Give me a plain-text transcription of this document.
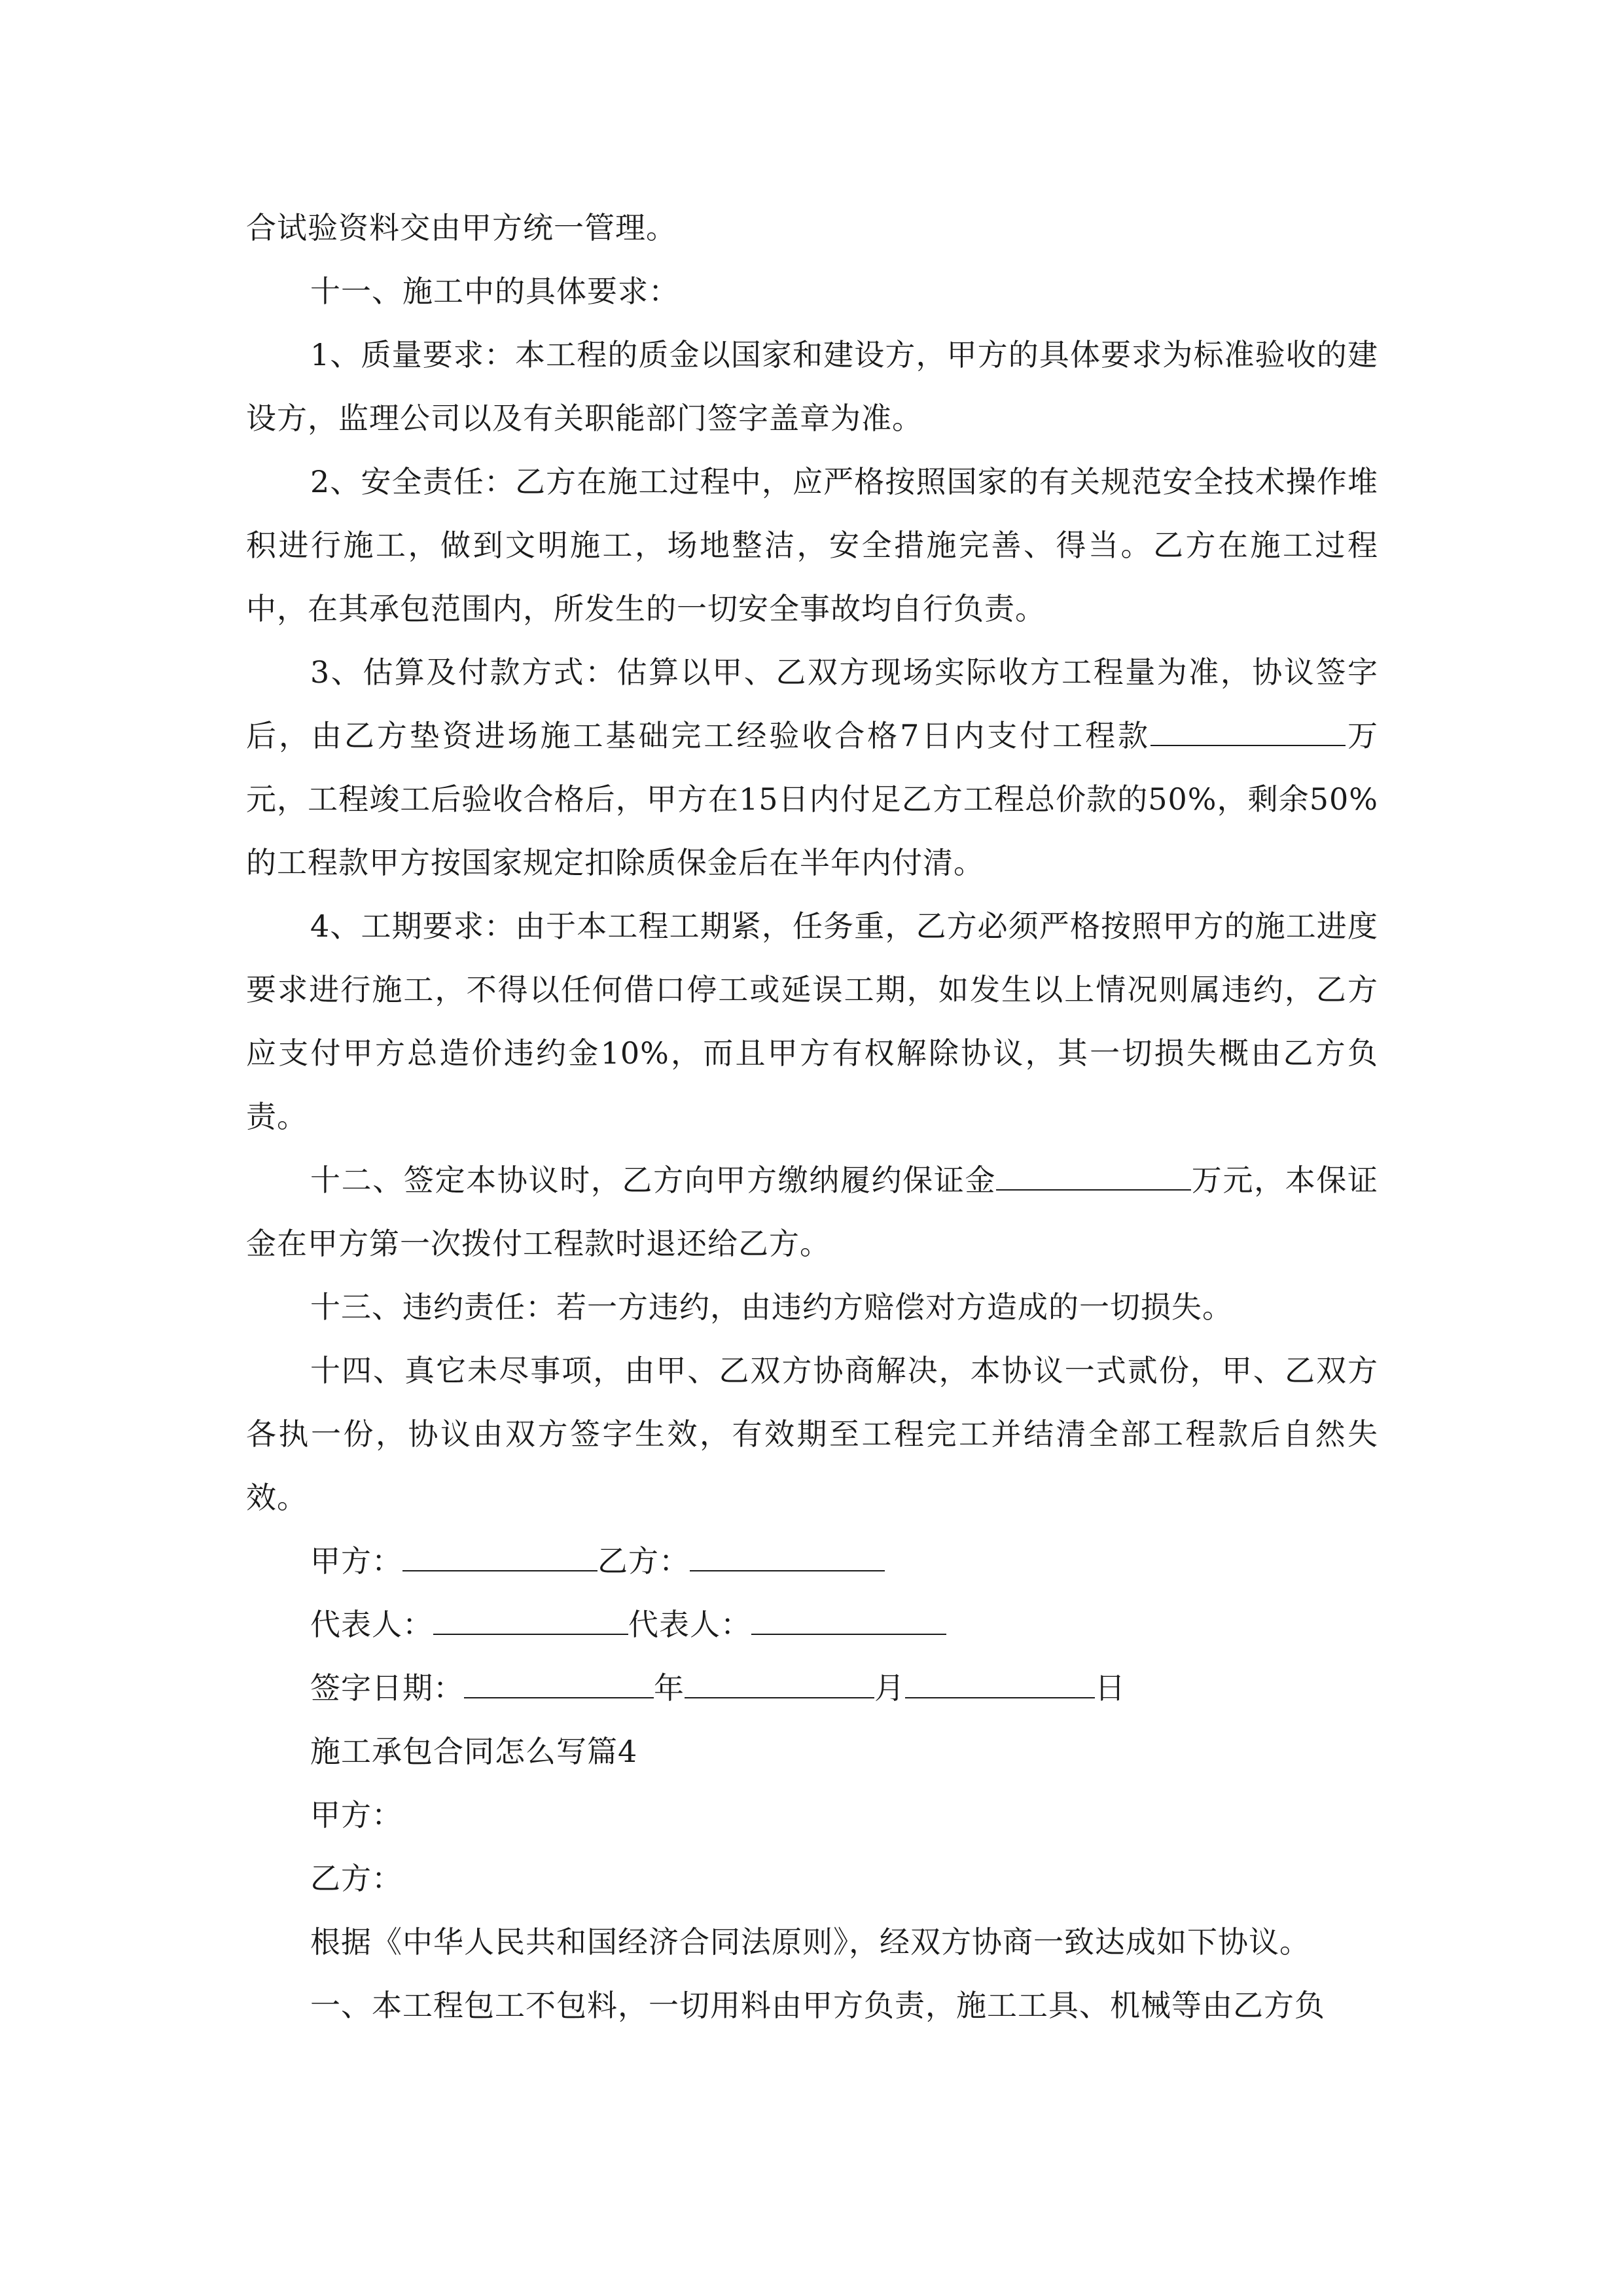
合试验资料交由甲方统一管理。

十一、施工中的具体要求：

1、质量要求：本工程的质金以国家和建设方，甲方的具体要求为标准验收的建设方，监理公司以及有关职能部门签字盖章为准。

2、安全责任：乙方在施工过程中，应严格按照国家的有关规范安全技术操作堆积进行施工，做到文明施工，场地整洁，安全措施完善、得当。乙方在施工过程中，在其承包范围内，所发生的一切安全事故均自行负责。

3、估算及付款方式：估算以甲、乙双方现场实际收方工程量为准，协议签字后，由乙方垫资进场施工基础完工经验收合格7日内支付工程款	万元，工程竣工后验收合格后，甲方在15日内付足乙方工程总价款的50%，剩余50%的工程款甲方按国家规定扣除质保金后在半年内付清。

4、工期要求：由于本工程工期紧，任务重，乙方必须严格按照甲方的施工进度要求进行施工，不得以任何借口停工或延误工期，如发生以上情况则属违约，乙方应支付甲方总造价违约金10%，而且甲方有权解除协议，其一切损失概由乙方负责。

十二、签定本协议时，乙方向甲方缴纳履约保证金	万元，本保证金在甲方第一次拨付工程款时退还给乙方。

十三、违约责任：若一方违约，由违约方赔偿对方造成的一切损失。

十四、真它未尽事项，由甲、乙双方协商解决，本协议一式贰份，甲、乙双方各执一份，协议由双方签字生效，有效期至工程完工并结清全部工程款后自然失效。

甲方：	乙方：
代表人：	代表人：
签字日期：	年	月	日
施工承包合同怎么写篇4
甲方：
乙方：
根据《中华人民共和国经济合同法原则》，经双方协商一致达成如下协议。
一、本工程包工不包料，一切用料由甲方负责，施工工具、机械等由乙方负
